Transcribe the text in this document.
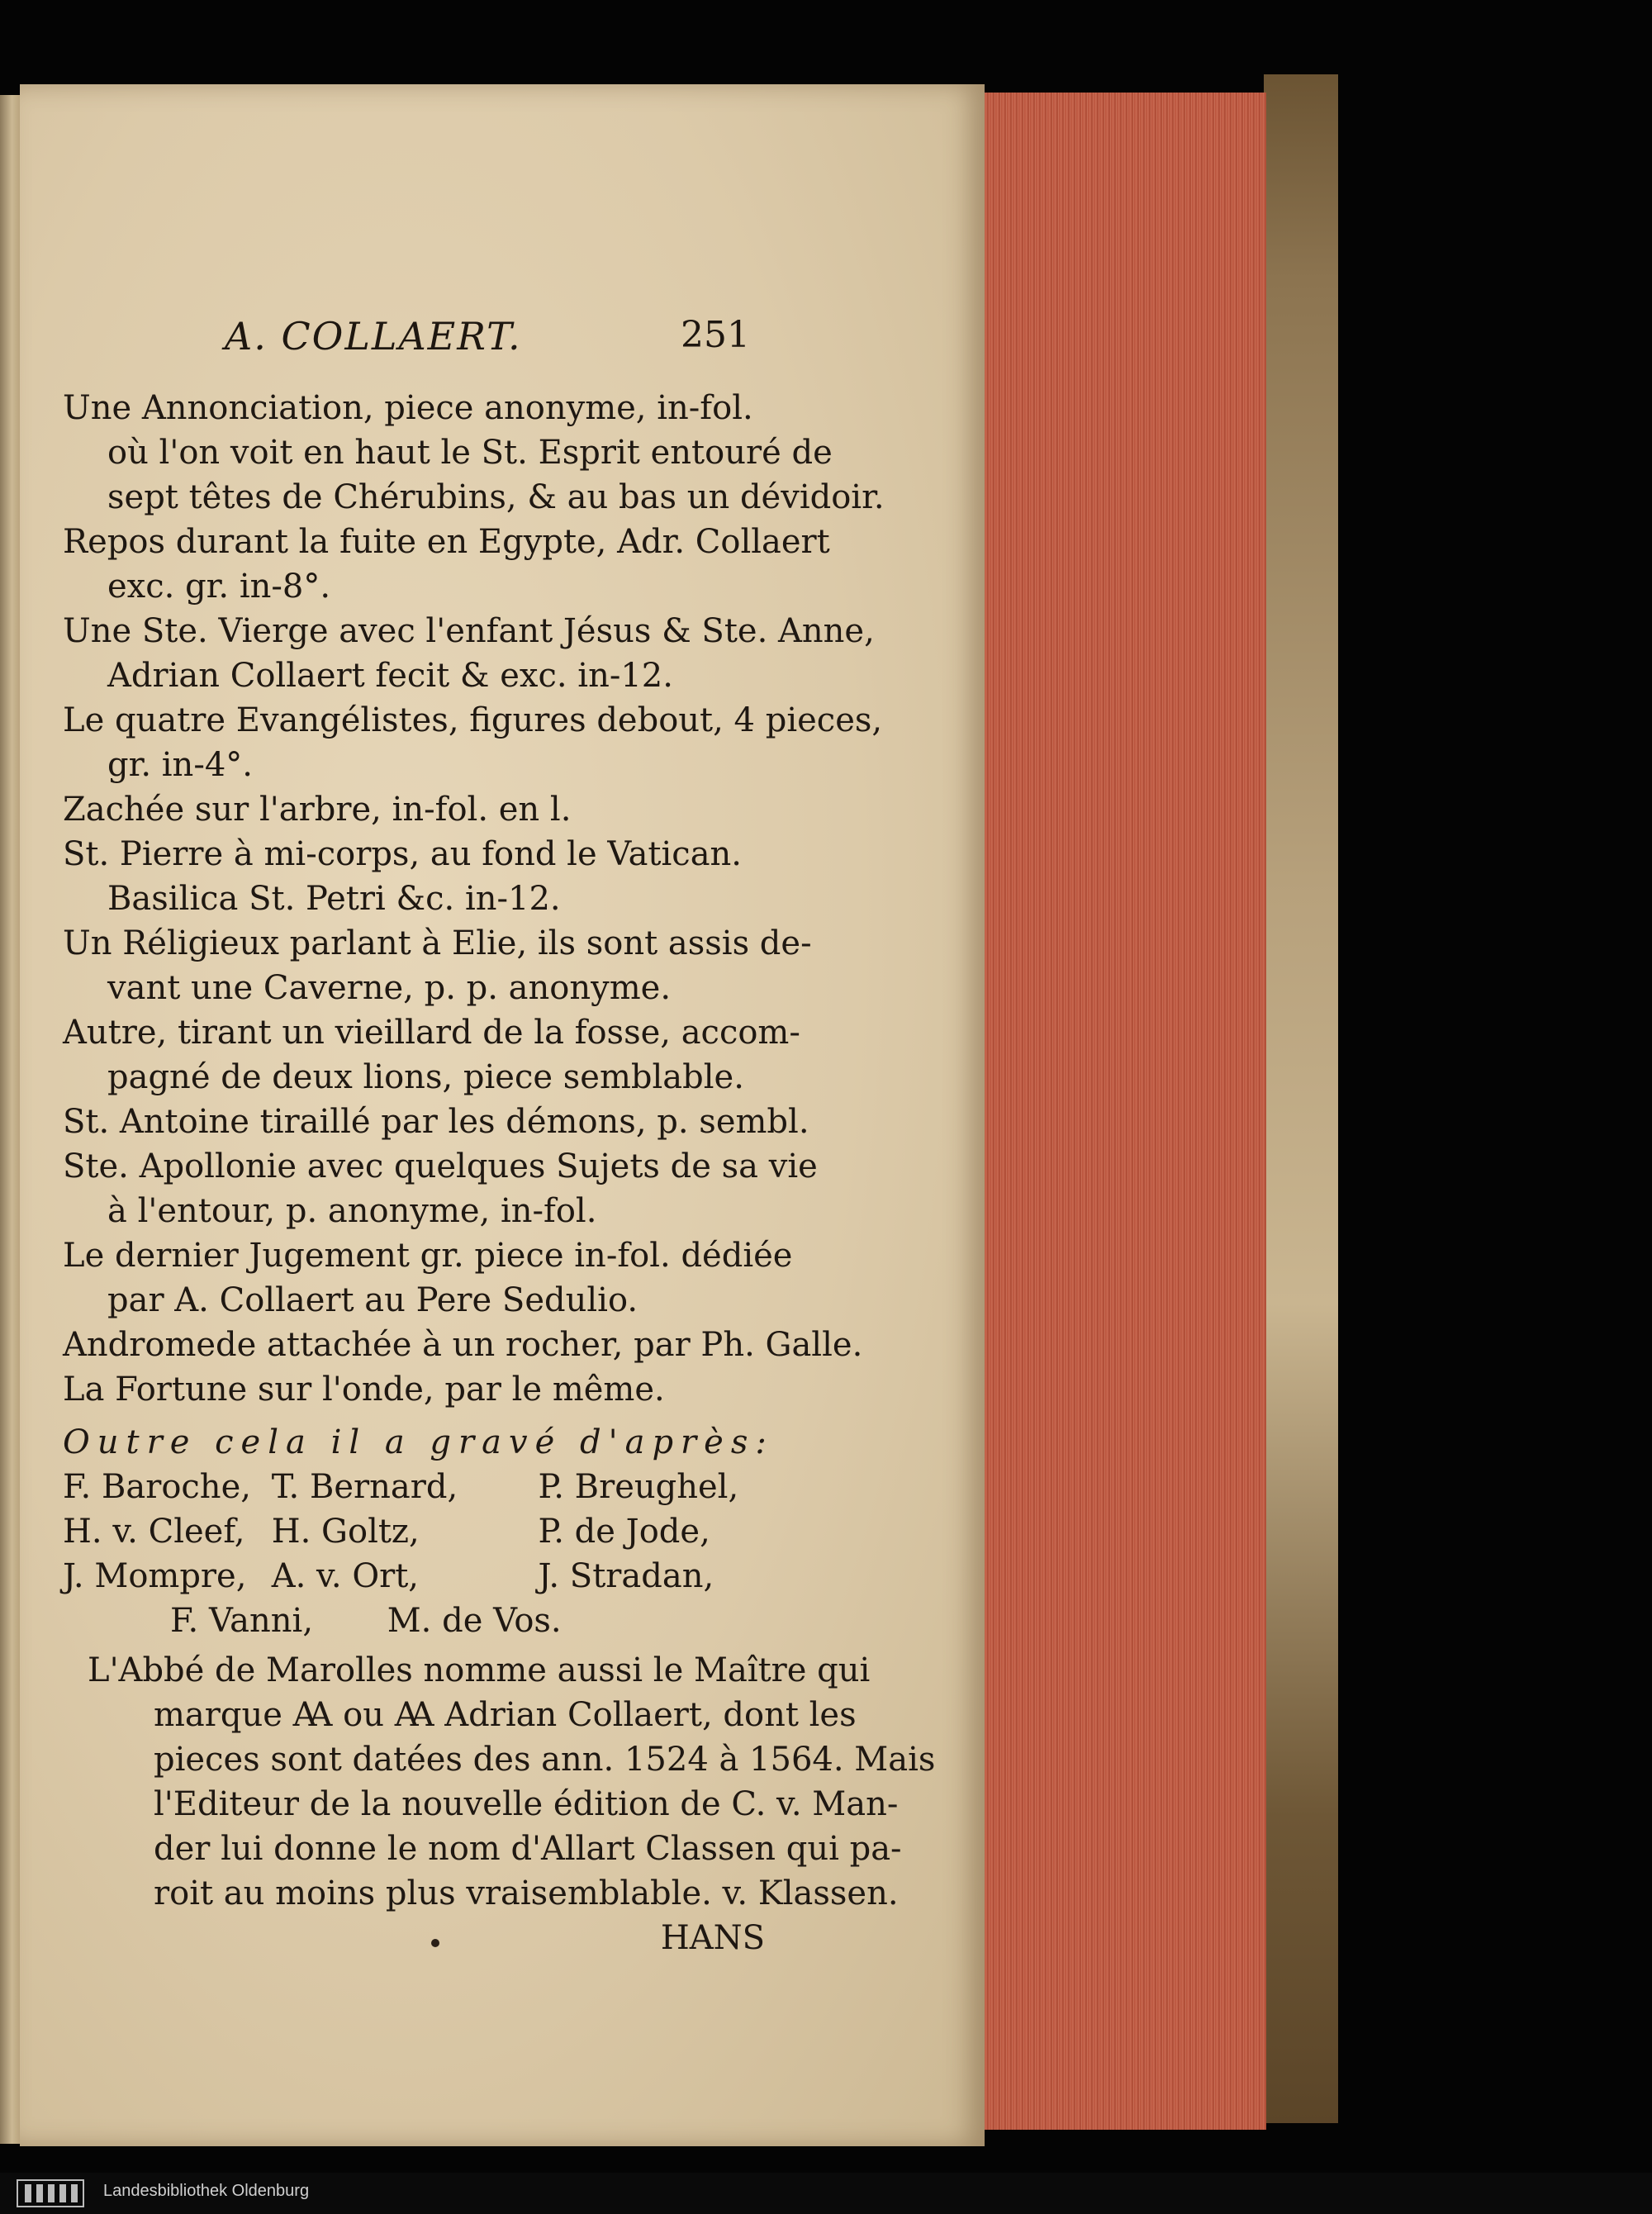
A. COLLAERT.	251
Une Annonciation, piece anonyme, in-fol.
où l'on voit en haut le St. Esprit entouré de
sept têtes de Chérubins, & au bas un dévidoir.
Repos durant la fuite en Egypte, Adr. Collaert
exc. gr. in-8°.
Une Ste. Vierge avec l'enfant Jésus & Ste. Anne,
Adrian Collaert fecit & exc. in-12.
Le quatre Evangélistes, figures debout, 4 pieces,
gr. in-4°.
Zachée sur l'arbre, in-fol. en l.
St. Pierre à mi-corps, au fond le Vatican.
Basilica St. Petri &c. in-12.
Un Réligieux parlant à Elie, ils sont assis de-
vant une Caverne, p. p. anonyme.
Autre, tirant un vieillard de la fosse, accom-
pagné de deux lions, piece semblable.
St. Antoine tiraillé par les démons, p. sembl.
Ste. Apollonie avec quelques Sujets de sa vie
à l'entour, p. anonyme, in-fol.
Le dernier Jugement gr. piece in-fol. dédiée
par A. Collaert au Pere Sedulio.
Andromede attachée à un rocher, par Ph. Galle.
La Fortune sur l'onde, par le même.
Outre cela il a gravé d'après:
F. Baroche, T. Bernard, P. Breughel,
H. v. Cleef, H. Goltz,	P. de Jode,
J. Mompre, A. v. Ort,	J. Stradan,
F. Vanni, M. de Vos.
L'Abbé de Marolles nomme aussi le Maître qui
marque Ꜳ ou Ꜳ Adrian Collaert, dont les
pieces sont datées des ann. 1524 à 1564. Mais
l'Editeur de la nouvelle édition de C. v. Man-
der lui donne le nom d'Allart Classen qui pa-
roit au moins plus vraisemblable. v. Klassen.
HANS
Landesbibliothek Oldenburg
